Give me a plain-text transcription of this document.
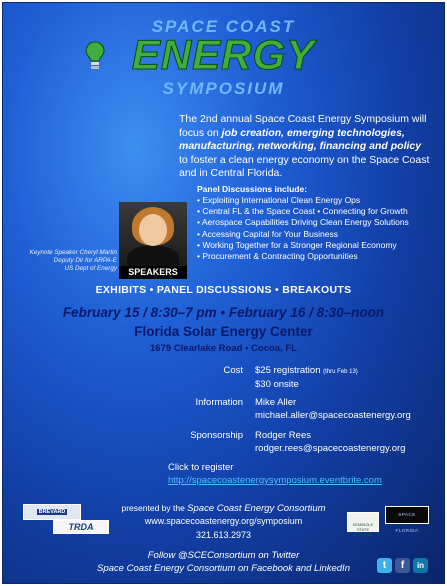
SPACE COAST
ENERGY
SYMPOSIUM

The 2nd annual Space Coast Energy Symposium will focus on job creation, emerging technologies, manufacturing, networking, financing and policy to foster a clean energy economy on the Space Coast and in Central Florida.

Panel Discussions include:
• Exploiting International Clean Energy Ops
• Central FL & the Space Coast • Connecting for Growth
• Aerospace Capabilities Driving Clean Energy Solutions
• Accessing Capital for Your Business
• Working Together for a Stronger Regional Economy
• Procurement & Contracting Opportunities
SPEAKERS
Keynote Speaker Cheryl Martin
Deputy Dir for ARPA-E
US Dept of Energy
EXHIBITS • PANEL DISCUSSIONS • BREAKOUTS
February 15 / 8:30–7 pm • February 16 / 8:30–noon
Florida Solar Energy Center
1679 Clearlake Road • Cocoa, FL
Cost $25 registration (thru Feb 13)
$30 onsite
Information Mike Aller
michael.aller@spacecoastenergy.org
Sponsorship Rodger Rees
rodger.rees@spacecoastenergy.org
Click to register
http://spacecoastenergysymposium.eventbrite.com
BREVARD
TRDA	SEMINOLE STATE COLLEGE
SPACE FLORIDA
presented by the Space Coast Energy Consortium
www.spacecoastenergy.org/symposium
321.613.2973
Follow @SCEConsortium on Twitter
Space Coast Energy Consortium on Facebook and LinkedIn	t	f	in
